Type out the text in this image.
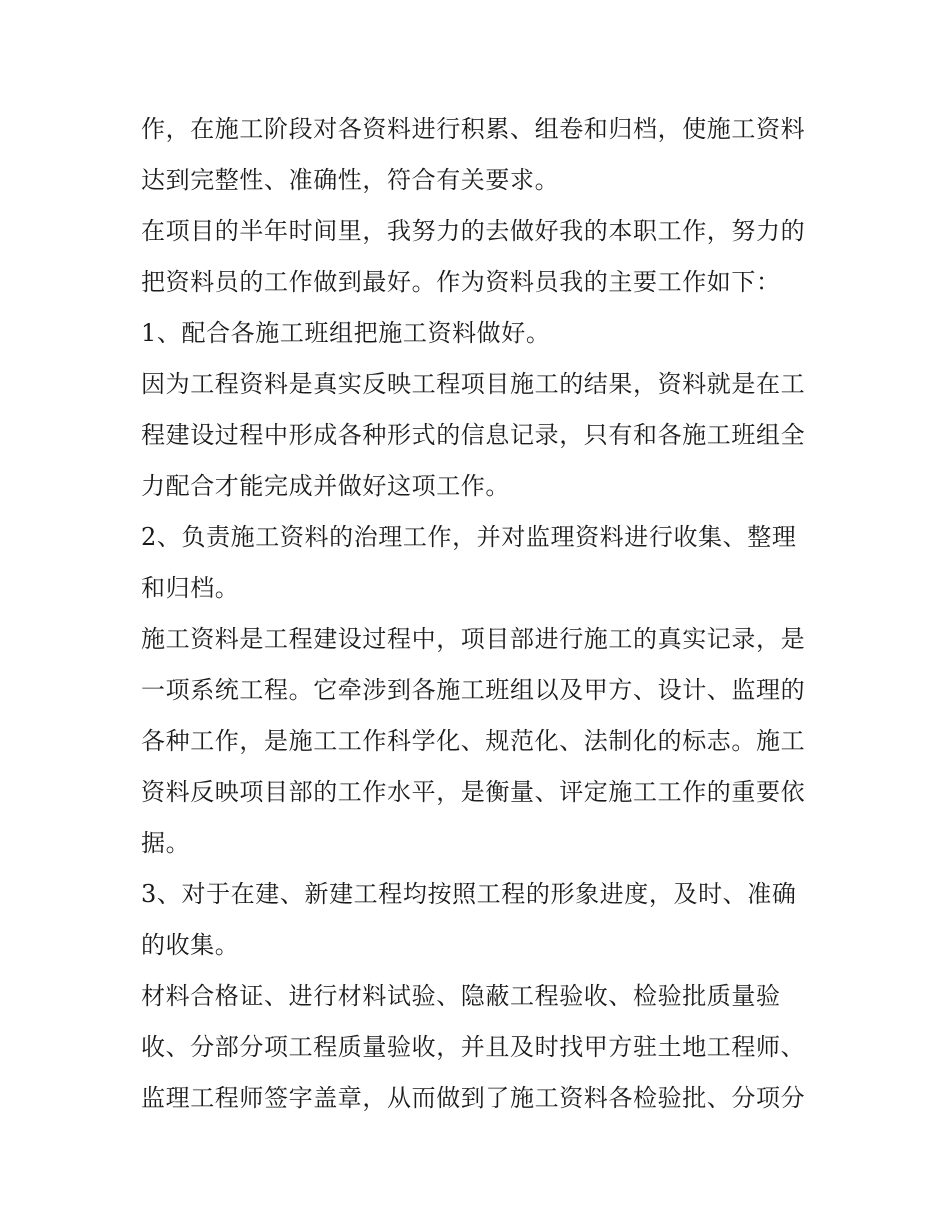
作，在施工阶段对各资料进行积累、组卷和归档，使施工资料
达到完整性、准确性，符合有关要求。
在项目的半年时间里，我努力的去做好我的本职工作，努力的
把资料员的工作做到最好。作为资料员我的主要工作如下：
1、配合各施工班组把施工资料做好。
因为工程资料是真实反映工程项目施工的结果，资料就是在工
程建设过程中形成各种形式的信息记录，只有和各施工班组全
力配合才能完成并做好这项工作。
2、负责施工资料的治理工作，并对监理资料进行收集、整理
和归档。
施工资料是工程建设过程中，项目部进行施工的真实记录，是
一项系统工程。它牵涉到各施工班组以及甲方、设计、监理的
各种工作，是施工工作科学化、规范化、法制化的标志。施工
资料反映项目部的工作水平，是衡量、评定施工工作的重要依
据。
3、对于在建、新建工程均按照工程的形象进度，及时、准确
的收集。
材料合格证、进行材料试验、隐蔽工程验收、检验批质量验
收、分部分项工程质量验收，并且及时找甲方驻土地工程师、
监理工程师签字盖章，从而做到了施工资料各检验批、分项分
